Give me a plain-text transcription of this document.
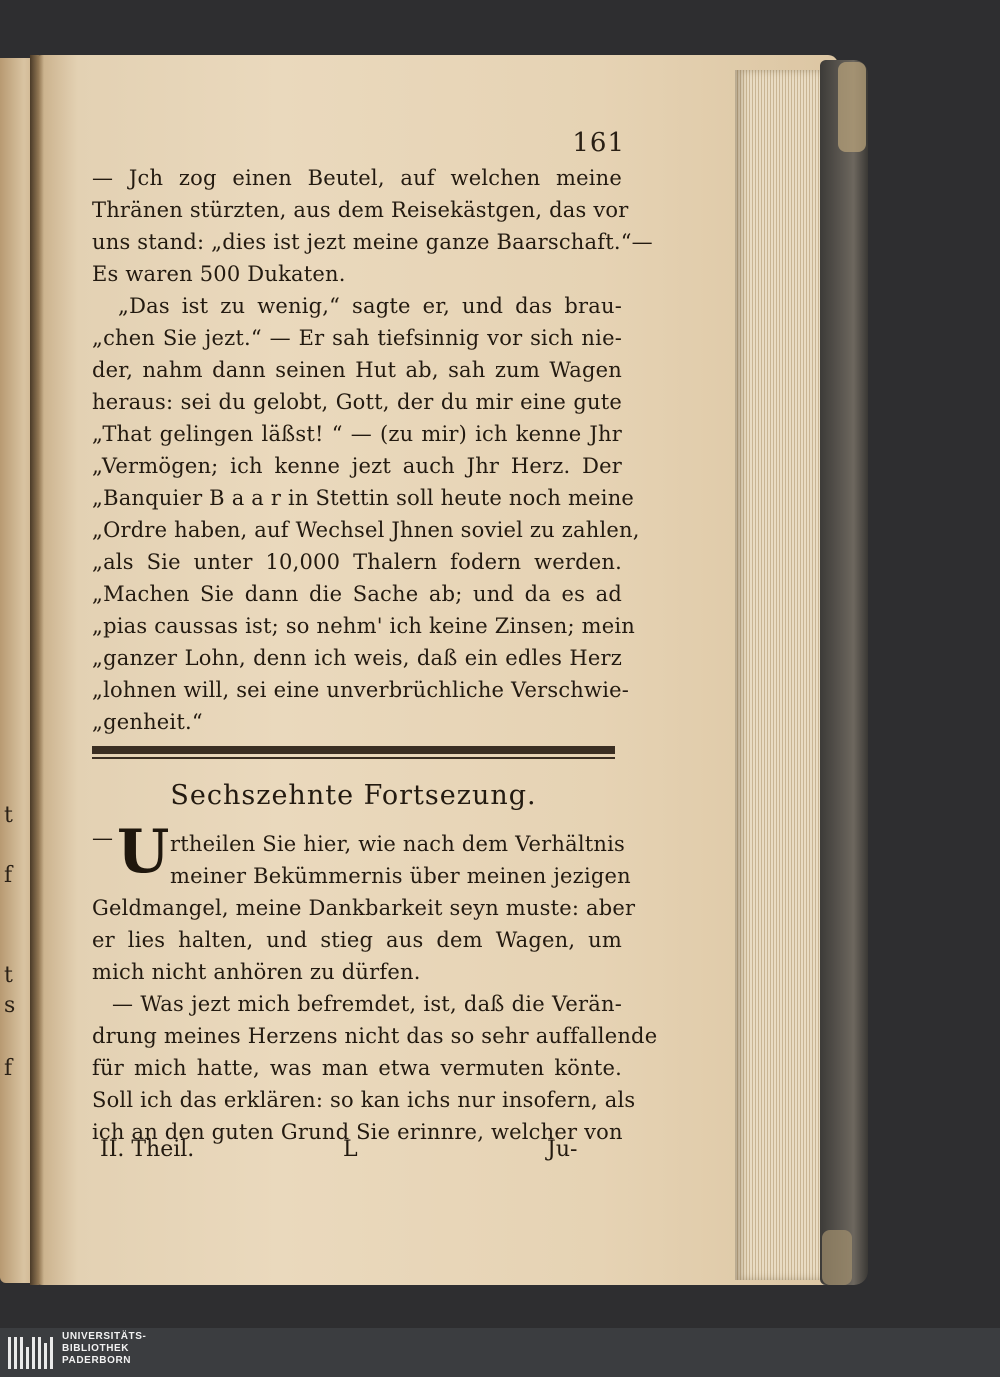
t
f
t
s
f
161
— Jch zog einen Beutel, auf welchen meine
Thränen stürzten, aus dem Reisekästgen, das vor
uns stand: „dies ist jezt meine ganze Baarschaft.“—
Es waren 500 Dukaten.
„Das ist zu wenig,“ sagte er, und das brau-
„chen Sie jezt.“ — Er sah tiefsinnig vor sich nie-
der, nahm dann seinen Hut ab, sah zum Wagen
heraus: sei du gelobt, Gott, der du mir eine gute
„That gelingen läßst! “ — (zu mir) ich kenne Jhr
„Vermögen; ich kenne jezt auch Jhr Herz. Der
„Banquier B a a r in Stettin soll heute noch meine
„Ordre haben, auf Wechsel Jhnen soviel zu zahlen,
„als Sie unter 10,000 Thalern fodern werden.
„Machen Sie dann die Sache ab; und da es ad
„pias caussas ist; so nehm' ich keine Zinsen; mein
„ganzer Lohn, denn ich weis, daß ein edles Herz
„lohnen will, sei eine unverbrüchliche Verschwie-
„genheit.“
—	rtheilen Sie hier, wie nach dem Verhältnis
meiner Bekümmernis über meinen jezigen
Geldmangel, meine Dankbarkeit seyn muste: aber
er lies halten, und stieg aus dem Wagen, um
mich nicht anhören zu dürfen.
— Was jezt mich befremdet, ist, daß die Verän-
drung meines Herzens nicht das so sehr auffallende
für mich hatte, was man etwa vermuten könte.
Soll ich das erklären: so kan ichs nur insofern, als
ich an den guten Grund Sie erinnre, welcher von
Sechszehnte Fortsezung.
U
II. Theil.	L	Ju-
UNIVERSITÄTS-
BIBLIOTHEK
PADERBORN
